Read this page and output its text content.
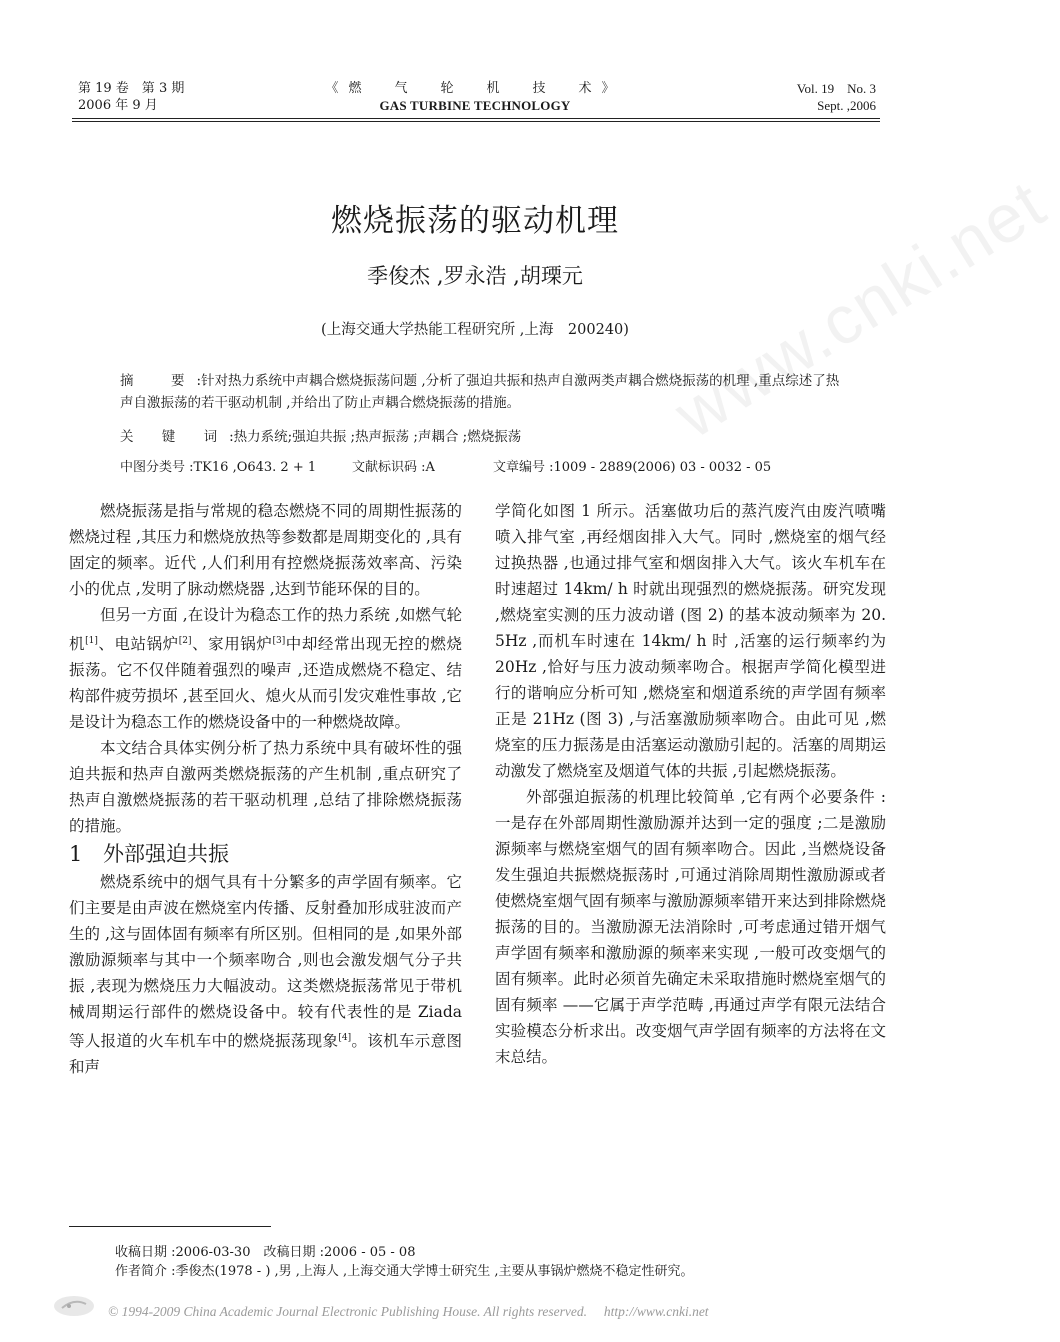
第 19 卷　第 3 期
2006 年 9 月
《燃　气　轮　机　技　术》
GAS TURBINE TECHNOLOGY
Vol. 19　No. 3
Sept. ,2006
www.cnki.net
燃烧振荡的驱动机理
季俊杰 ,罗永浩 ,胡瑮元
(上海交通大学热能工程研究所 ,上海　200240)
摘　要:针对热力系统中声耦合燃烧振荡问题 ,分析了强迫共振和热声自激两类声耦合燃烧振荡的机理 ,重点综述了热声自激振荡的若干驱动机制 ,并给出了防止声耦合燃烧振荡的措施。
关 键 词:热力系统;强迫共振 ;热声振荡 ;声耦合 ;燃烧振荡
中图分类号 :TK16 ,O643. 2 + 1	文献标识码 :A	文章编号 :1009 - 2889(2006) 03 - 0032 - 05

燃烧振荡是指与常规的稳态燃烧不同的周期性振荡的燃烧过程 ,其压力和燃烧放热等参数都是周期变化的 ,具有固定的频率。近代 ,人们利用有控燃烧振荡效率高、污染小的优点 ,发明了脉动燃烧器 ,达到节能环保的目的。

但另一方面 ,在设计为稳态工作的热力系统 ,如燃气轮机[1]、电站锅炉[2]、家用锅炉[3]中却经常出现无控的燃烧振荡。它不仅伴随着强烈的噪声 ,还造成燃烧不稳定、结构部件疲劳损坏 ,甚至回火、熄火从而引发灾难性事故 ,它是设计为稳态工作的燃烧设备中的一种燃烧故障。

本文结合具体实例分析了热力系统中具有破坏性的强迫共振和热声自激两类燃烧振荡的产生机制 ,重点研究了热声自激燃烧振荡的若干驱动机理 ,总结了排除燃烧振荡的措施。

1 外部强迫共振

燃烧系统中的烟气具有十分繁多的声学固有频率。它们主要是由声波在燃烧室内传播、反射叠加形成驻波而产生的 ,这与固体固有频率有所区别。但相同的是 ,如果外部激励源频率与其中一个频率吻合 ,则也会激发烟气分子共振 ,表现为燃烧压力大幅波动。这类燃烧振荡常见于带机械周期运行部件的燃烧设备中。较有代表性的是 Ziada 等人报道的火车机车中的燃烧振荡现象[4]。该机车示意图和声

学简化如图 1 所示。活塞做功后的蒸汽废汽由废汽喷嘴喷入排气室 ,再经烟囱排入大气。同时 ,燃烧室的烟气经过换热器 ,也通过排气室和烟囱排入大气。该火车机车在时速超过 14km/ h 时就出现强烈的燃烧振荡。研究发现 ,燃烧室实测的压力波动谱 (图 2) 的基本波动频率为 20. 5Hz ,而机车时速在 14km/ h 时 ,活塞的运行频率约为 20Hz ,恰好与压力波动频率吻合。根据声学简化模型进行的谐响应分析可知 ,燃烧室和烟道系统的声学固有频率正是 21Hz (图 3) ,与活塞激励频率吻合。由此可见 ,燃烧室的压力振荡是由活塞运动激励引起的。活塞的周期运动激发了燃烧室及烟道气体的共振 ,引起燃烧振荡。

外部强迫振荡的机理比较简单 ,它有两个必要条件 :一是存在外部周期性激励源并达到一定的强度 ;二是激励源频率与燃烧室烟气的固有频率吻合。因此 ,当燃烧设备发生强迫共振燃烧振荡时 ,可通过消除周期性激励源或者使燃烧室烟气固有频率与激励源频率错开来达到排除燃烧振荡的目的。当激励源无法消除时 ,可考虑通过错开烟气声学固有频率和激励源的频率来实现 ,一般可改变烟气的固有频率。此时必须首先确定未采取措施时燃烧室烟气的固有频率 ——它属于声学范畴 ,再通过声学有限元法结合实验模态分析求出。改变烟气声学固有频率的方法将在文末总结。

收稿日期 :2006-03-30　改稿日期 :2006 - 05 - 08
作者简介 :季俊杰(1978 - ) ,男 ,上海人 ,上海交通大学博士研究生 ,主要从事锅炉燃烧不稳定性研究。
© 1994-2009 China Academic Journal Electronic Publishing House. All rights reserved.　 http://www.cnki.net
